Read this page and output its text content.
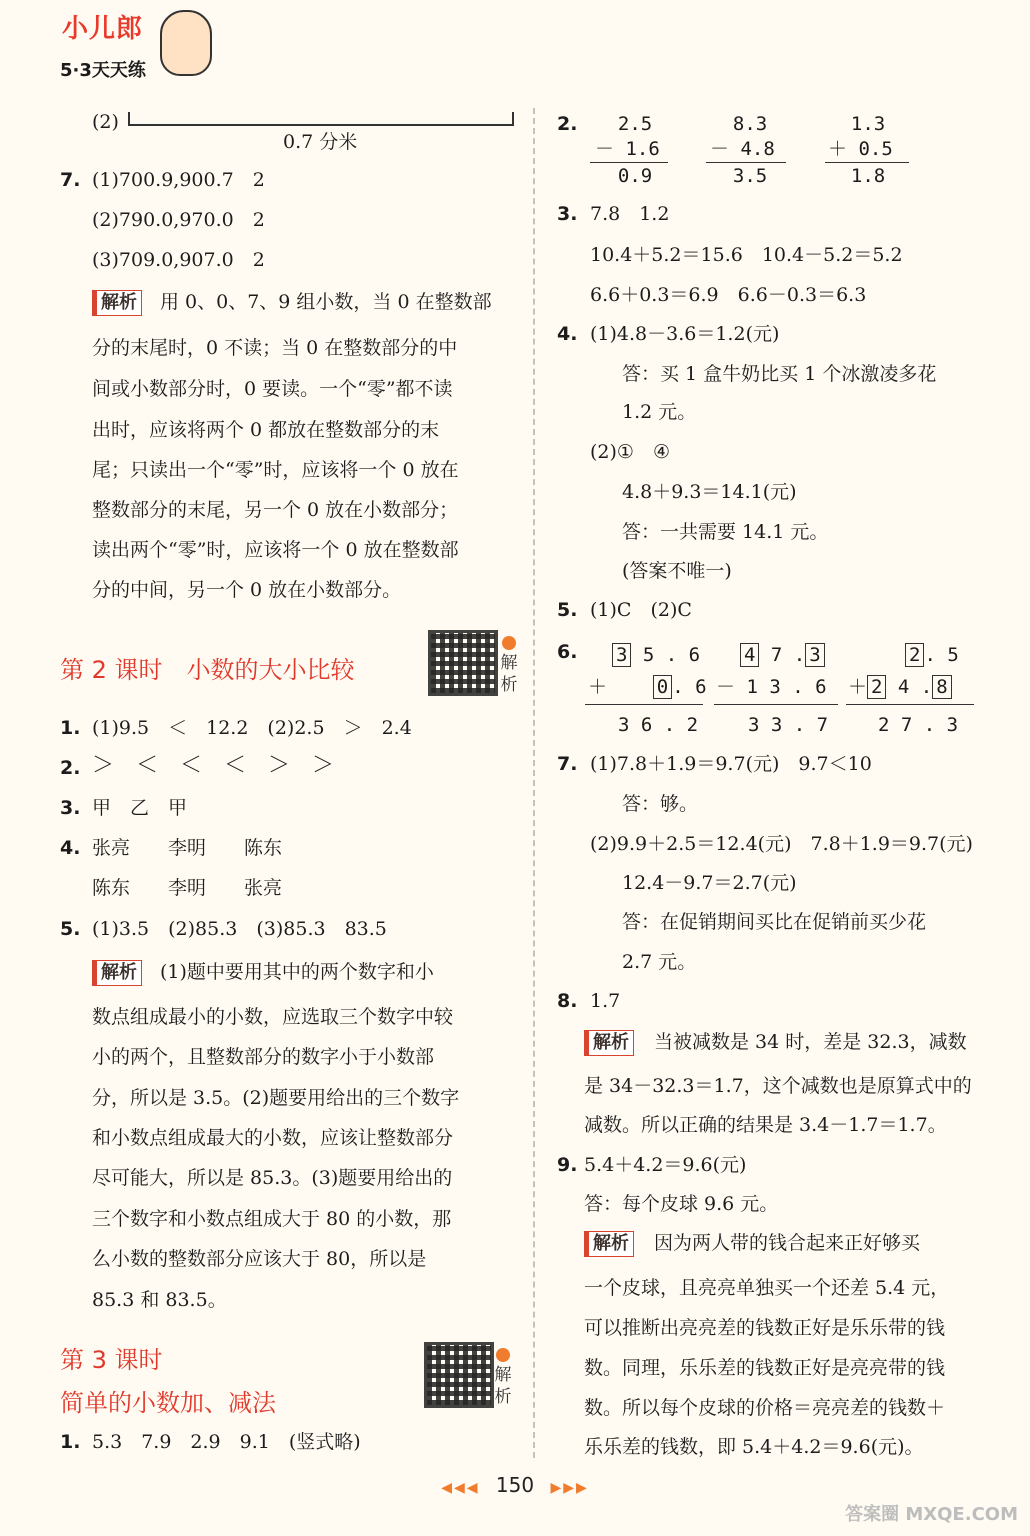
小儿郎
5·3天天练
(2)
0.7 分米
7. (1)700.9,900.7　2
(2)790.0,970.0　2
(3)709.0,907.0　2
解析 用 0、0、7、9 组小数，当 0 在整数部
分的末尾时，0 不读；当 0 在整数部分的中
间或小数部分时，0 要读。一个“零”都不读
出时，应该将两个 0 都放在整数部分的末
尾；只读出一个“零”时，应该将一个 0 放在
整数部分的末尾，另一个 0 放在小数部分；
读出两个“零”时，应该将一个 0 放在整数部
分的中间，另一个 0 放在小数部分。
第 2 课时　小数的大小比较	解析
1. (1)9.5　＜　12.2　(2)2.5　＞　2.4
2. ＞　＜　＜　＜　＞　＞
3. 甲　乙　甲
4. 张亮　　李明　　陈东
陈东　　李明　　张亮
5. (1)3.5　(2)85.3　(3)85.3　83.5
解析 (1)题中要用其中的两个数字和小
数点组成最小的小数，应选取三个数字中较
小的两个，且整数部分的数字小于小数部
分，所以是 3.5。(2)题要用给出的三个数字
和小数点组成最大的小数，应该让整数部分
尽可能大，所以是 85.3。(3)题要用给出的
三个数字和小数点组成大于 80 的小数，那
么小数的整数部分应该大于 80，所以是
85.3 和 83.5。
第 3 课时
简单的小数加、减法
解析
1. 5.3　7.9　2.9　9.1　(竖式略)
2. 2.5
－ 1.6
0.9
8.3
－ 4.8
3.5
1.3
＋ 0.5
1.8
3. 7.8　1.2
10.4＋5.2＝15.6　10.4－5.2＝5.2
6.6＋0.3＝6.9　6.6－0.3＝6.3
4. (1)4.8－3.6＝1.2(元)
答：买 1 盒牛奶比买 1 个冰激凌多花
1.2 元。
(2)①　④
4.8＋9.3＝14.1(元)
答：一共需要 14.1 元。
(答案不唯一)
5. (1)C　(2)C
6. 3 5 . 6
＋	0 . 6
3 6 . 2
4 7 . 3
－ 1 3 . 6
3 3 . 7
2 . 5
＋ 2 4 . 8
2 7 . 3
7. (1)7.8＋1.9＝9.7(元)　9.7＜10
答：够。
(2)9.9＋2.5＝12.4(元)　7.8＋1.9＝9.7(元)
12.4－9.7＝2.7(元)
答：在促销期间买比在促销前买少花
2.7 元。
8. 1.7
解析 当被减数是 34 时，差是 32.3，减数
是 34－32.3＝1.7，这个减数也是原算式中的
减数。所以正确的结果是 3.4－1.7＝1.7。
9. 5.4＋4.2＝9.6(元)
答：每个皮球 9.6 元。
解析 因为两人带的钱合起来正好够买
一个皮球，且亮亮单独买一个还差 5.4 元，
可以推断出亮亮差的钱数正好是乐乐带的钱
数。同理，乐乐差的钱数正好是亮亮带的钱
数。所以每个皮球的价格＝亮亮差的钱数＋
乐乐差的钱数，即 5.4＋4.2＝9.6(元)。
◀◀◀ 150 ▶▶▶
答案圈 MXQE.COM
